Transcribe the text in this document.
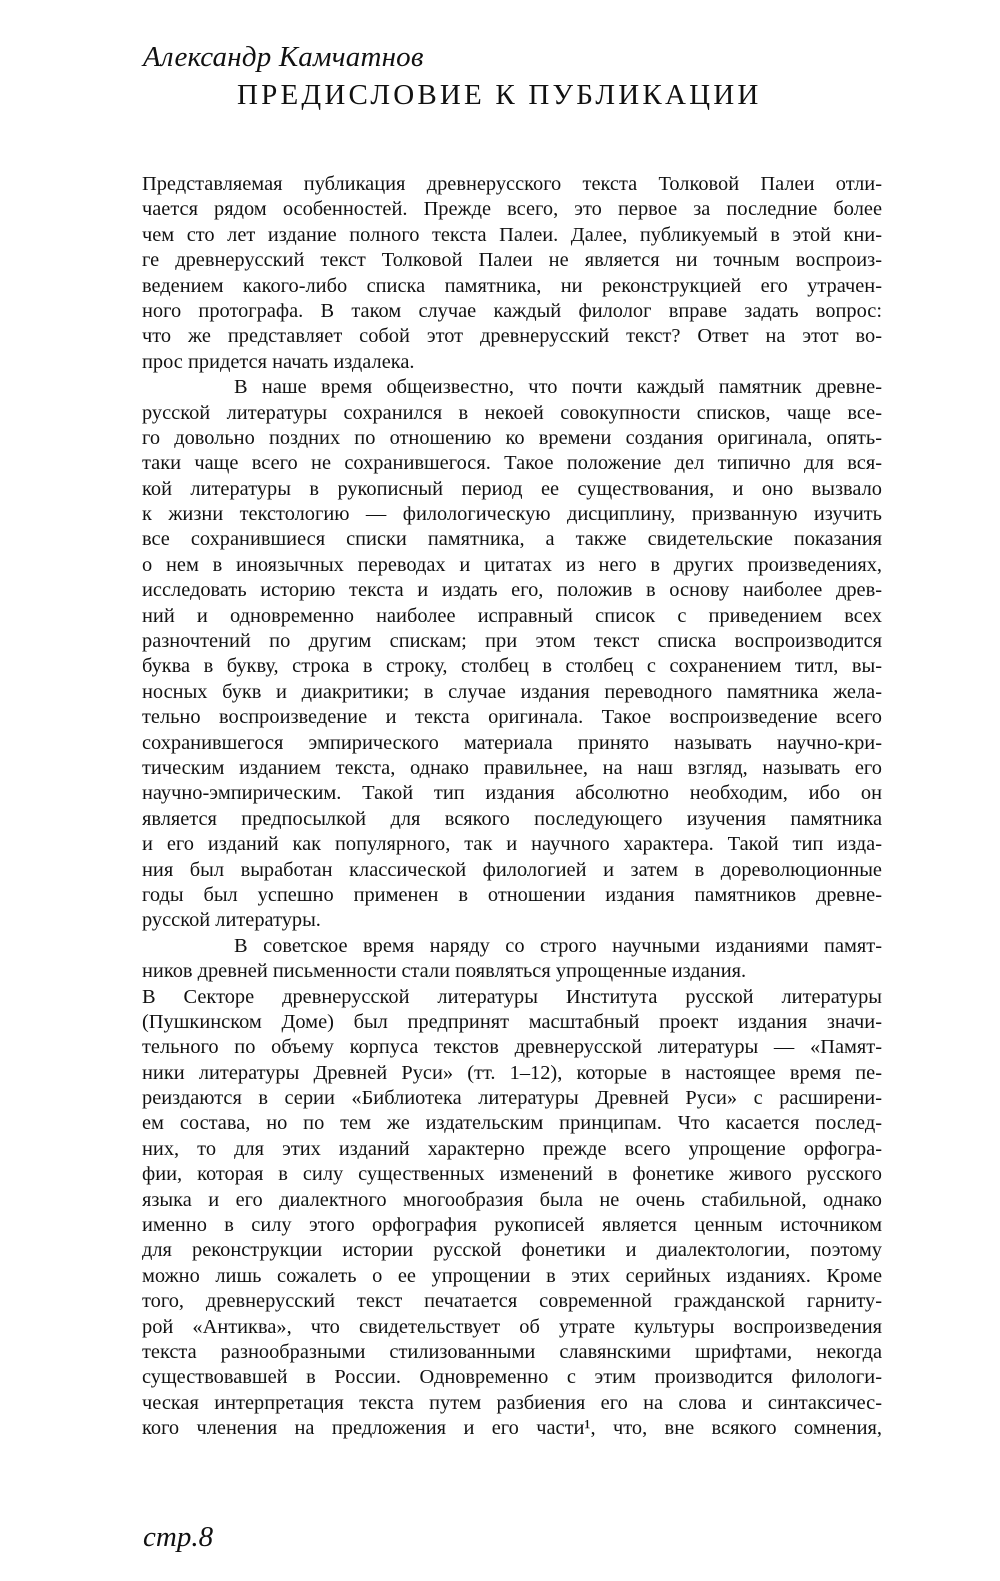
Александр Камчатнов
ПРЕДИСЛОВИЕ К ПУБЛИКАЦИИ
Представляемая публикация древнерусского текста Толковой Палеи отли-
чается рядом особенностей. Прежде всего, это первое за последние более
чем сто лет издание полного текста Палеи. Далее, публикуемый в этой кни-
ге древнерусский текст Толковой Палеи не является ни точным воспроиз-
ведением какого-либо списка памятника, ни реконструкцией его утрачен-
ного протографа. В таком случае каждый филолог вправе задать вопрос:
что же представляет собой этот древнерусский текст? Ответ на этот во-
прос придется начать издалека.
В наше время общеизвестно, что почти каждый памятник древне-
русской литературы сохранился в некоей совокупности списков, чаще все-
го довольно поздних по отношению ко времени создания оригинала, опять-
таки чаще всего не сохранившегося. Такое положение дел типично для вся-
кой литературы в рукописный период ее существования, и оно вызвало
к жизни текстологию — филологическую дисциплину, призванную изучить
все сохранившиеся списки памятника, а также свидетельские показания
о нем в иноязычных переводах и цитатах из него в других произведениях,
исследовать историю текста и издать его, положив в основу наиболее древ-
ний и одновременно наиболее исправный список с приведением всех
разночтений по другим спискам; при этом текст списка воспроизводится
буква в букву, строка в строку, столбец в столбец с сохранением титл, вы-
носных букв и диакритики; в случае издания переводного памятника жела-
тельно воспроизведение и текста оригинала. Такое воспроизведение всего
сохранившегося эмпирического материала принято называть научно-кри-
тическим изданием текста, однако правильнее, на наш взгляд, называть его
научно-эмпирическим. Такой тип издания абсолютно необходим, ибо он
является предпосылкой для всякого последующего изучения памятника
и его изданий как популярного, так и научного характера. Такой тип изда-
ния был выработан классической филологией и затем в дореволюционные
годы был успешно применен в отношении издания памятников древне-
русской литературы.
В советское время наряду со строго научными изданиями памят-
ников древней письменности стали появляться упрощенные издания.
В Секторе древнерусской литературы Института русской литературы
(Пушкинском Доме) был предпринят масштабный проект издания значи-
тельного по объему корпуса текстов древнерусской литературы — «Памят-
ники литературы Древней Руси» (тт. 1–12), которые в настоящее время пе-
реиздаются в серии «Библиотека литературы Древней Руси» с расширени-
ем состава, но по тем же издательским принципам. Что касается послед-
них, то для этих изданий характерно прежде всего упрощение орфогра-
фии, которая в силу существенных изменений в фонетике живого русского
языка и его диалектного многообразия была не очень стабильной, однако
именно в силу этого орфография рукописей является ценным источником
для реконструкции истории русской фонетики и диалектологии, поэтому
можно лишь сожалеть о ее упрощении в этих серийных изданиях. Кроме
того, древнерусский текст печатается современной гражданской гарниту-
рой «Антиква», что свидетельствует об утрате культуры воспроизведения
текста разнообразными стилизованными славянскими шрифтами, некогда
существовавшей в России. Одновременно с этим производится филологи-
ческая интерпретация текста путем разбиения его на слова и синтаксичес-
кого членения на предложения и его части¹, что, вне всякого сомнения,
стр.8
